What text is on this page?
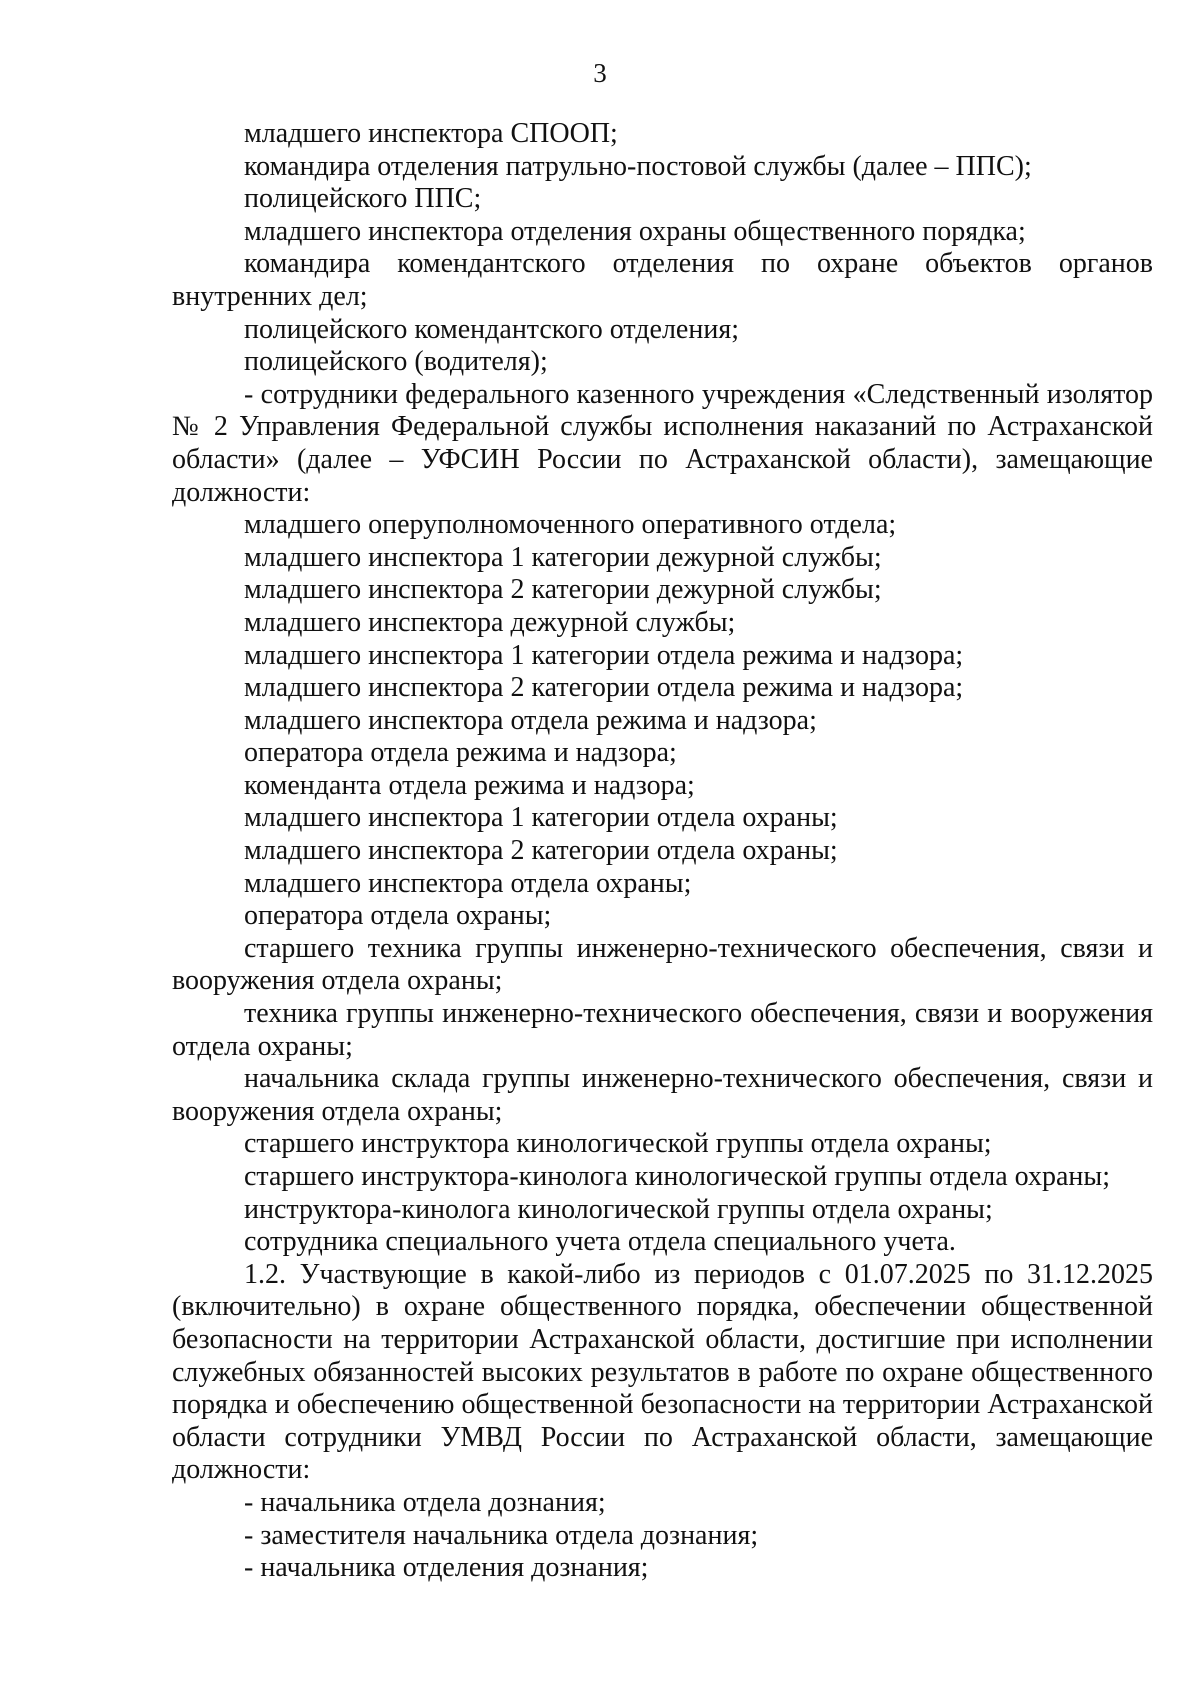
3

младшего инспектора СПООП;

командира отделения патрульно-постовой службы (далее – ППС);

полицейского ППС;

младшего инспектора отделения охраны общественного порядка;

командира комендантского отделения по охране объектов органов внутренних дел;

полицейского комендантского отделения;

полицейского (водителя);

- сотрудники федерального казенного учреждения «Следственный изолятор № 2 Управления Федеральной службы исполнения наказаний по Астраханской области» (далее – УФСИН России по Астраханской области), замещающие должности:

младшего оперуполномоченного оперативного отдела;

младшего инспектора 1 категории дежурной службы;

младшего инспектора 2 категории дежурной службы;

младшего инспектора дежурной службы;

младшего инспектора 1 категории отдела режима и надзора;

младшего инспектора 2 категории отдела режима и надзора;

младшего инспектора отдела режима и надзора;

оператора отдела режима и надзора;

коменданта отдела режима и надзора;

младшего инспектора 1 категории отдела охраны;

младшего инспектора 2 категории отдела охраны;

младшего инспектора отдела охраны;

оператора отдела охраны;

старшего техника группы инженерно-технического обеспечения, связи и вооружения отдела охраны;

техника группы инженерно-технического обеспечения, связи и вооружения отдела охраны;

начальника склада группы инженерно-технического обеспечения, связи и вооружения отдела охраны;

старшего инструктора кинологической группы отдела охраны;

старшего инструктора-кинолога кинологической группы отдела охраны;

инструктора-кинолога кинологической группы отдела охраны;

сотрудника специального учета отдела специального учета.

1.2. Участвующие в какой-либо из периодов с 01.07.2025 по 31.12.2025 (включительно) в охране общественного порядка, обеспечении общественной безопасности на территории Астраханской области, достигшие при исполнении служебных обязанностей высоких результатов в работе по охране общественного порядка и обеспечению общественной безопасности на территории Астраханской области сотрудники УМВД России по Астраханской области, замещающие должности:

- начальника отдела дознания;

- заместителя начальника отдела дознания;

- начальника отделения дознания;
